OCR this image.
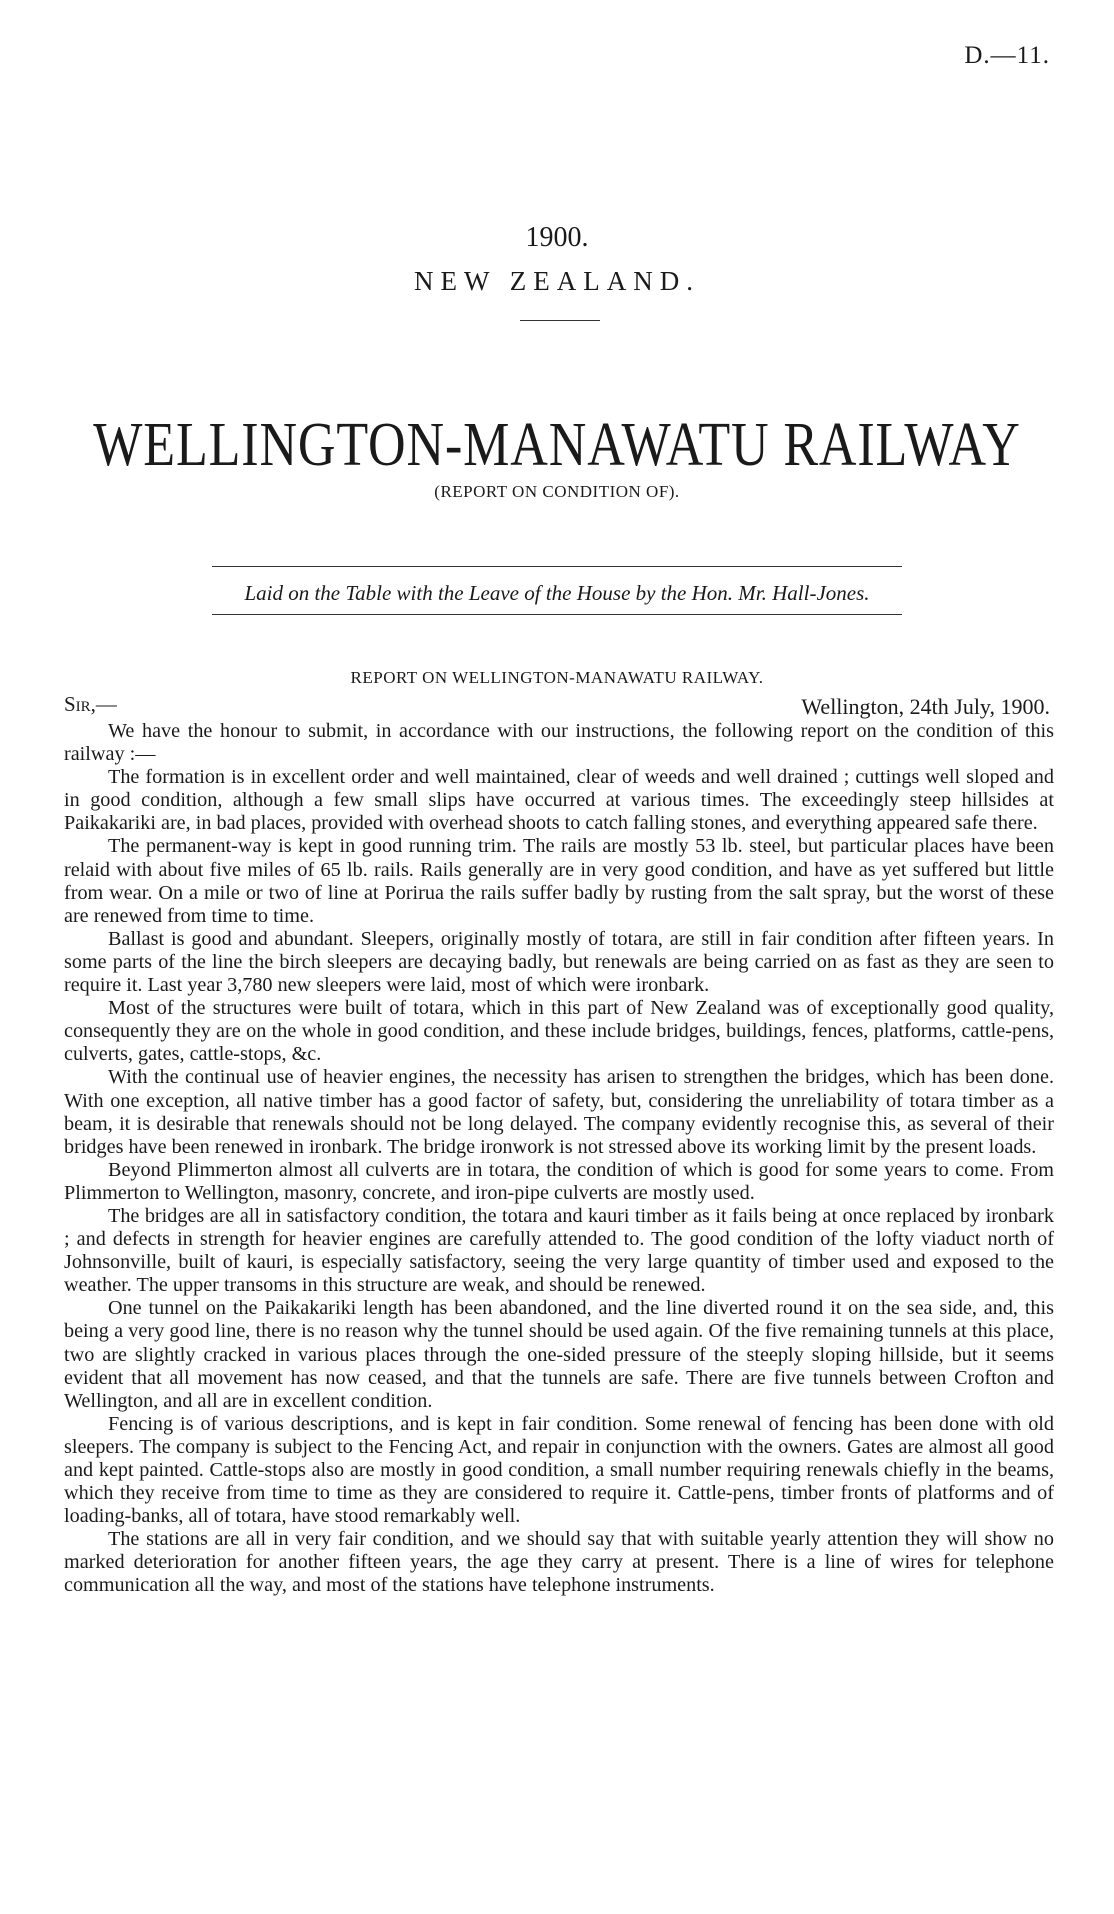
D.—11.
1900.
NEW ZEALAND.
WELLINGTON-MANAWATU RAILWAY
(REPORT ON CONDITION OF).
Laid on the Table with the Leave of the House by the Hon. Mr. Hall-Jones.
REPORT ON WELLINGTON-MANAWATU RAILWAY.
Sir,—	Wellington, 24th July, 1900.

We have the honour to submit, in accordance with our instructions, the following report on the condition of this railway :—

The formation is in excellent order and well maintained, clear of weeds and well drained ; cuttings well sloped and in good condition, although a few small slips have occurred at various times. The exceedingly steep hillsides at Paikakariki are, in bad places, provided with overhead shoots to catch falling stones, and everything appeared safe there.

The permanent-way is kept in good running trim. The rails are mostly 53 lb. steel, but particular places have been relaid with about five miles of 65 lb. rails. Rails generally are in very good condition, and have as yet suffered but little from wear. On a mile or two of line at Porirua the rails suffer badly by rusting from the salt spray, but the worst of these are renewed from time to time.

Ballast is good and abundant. Sleepers, originally mostly of totara, are still in fair condition after fifteen years. In some parts of the line the birch sleepers are decaying badly, but renewals are being carried on as fast as they are seen to require it. Last year 3,780 new sleepers were laid, most of which were ironbark.

Most of the structures were built of totara, which in this part of New Zealand was of exceptionally good quality, consequently they are on the whole in good condition, and these include bridges, buildings, fences, platforms, cattle-pens, culverts, gates, cattle-stops, &c.

With the continual use of heavier engines, the necessity has arisen to strengthen the bridges, which has been done. With one exception, all native timber has a good factor of safety, but, considering the unreliability of totara timber as a beam, it is desirable that renewals should not be long delayed. The company evidently recognise this, as several of their bridges have been renewed in ironbark. The bridge ironwork is not stressed above its working limit by the present loads.

Beyond Plimmerton almost all culverts are in totara, the condition of which is good for some years to come. From Plimmerton to Wellington, masonry, concrete, and iron-pipe culverts are mostly used.

The bridges are all in satisfactory condition, the totara and kauri timber as it fails being at once replaced by ironbark ; and defects in strength for heavier engines are carefully attended to. The good condition of the lofty viaduct north of Johnsonville, built of kauri, is especially satisfactory, seeing the very large quantity of timber used and exposed to the weather. The upper transoms in this structure are weak, and should be renewed.

One tunnel on the Paikakariki length has been abandoned, and the line diverted round it on the sea side, and, this being a very good line, there is no reason why the tunnel should be used again. Of the five remaining tunnels at this place, two are slightly cracked in various places through the one-sided pressure of the steeply sloping hillside, but it seems evident that all movement has now ceased, and that the tunnels are safe. There are five tunnels between Crofton and Wellington, and all are in excellent condition.

Fencing is of various descriptions, and is kept in fair condition. Some renewal of fencing has been done with old sleepers. The company is subject to the Fencing Act, and repair in conjunction with the owners. Gates are almost all good and kept painted. Cattle-stops also are mostly in good condition, a small number requiring renewals chiefly in the beams, which they receive from time to time as they are considered to require it. Cattle-pens, timber fronts of platforms and of loading-banks, all of totara, have stood remarkably well.

The stations are all in very fair condition, and we should say that with suitable yearly attention they will show no marked deterioration for another fifteen years, the age they carry at present. There is a line of wires for telephone communication all the way, and most of the stations have telephone instruments.
